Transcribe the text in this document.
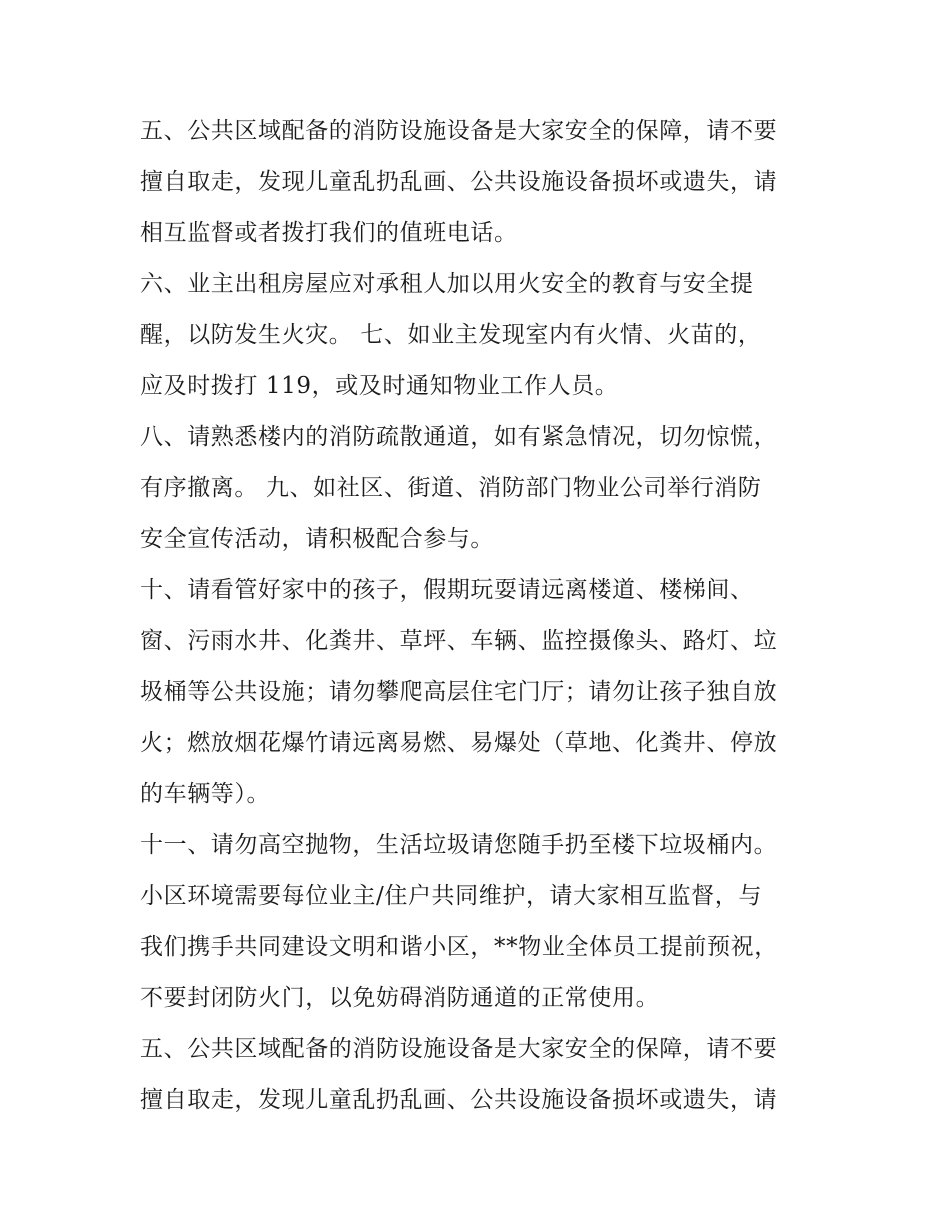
五、公共区域配备的消防设施设备是大家安全的保障，请不要
擅自取走，发现儿童乱扔乱画、公共设施设备损坏或遗失，请
相互监督或者拨打我们的值班电话。
六、业主出租房屋应对承租人加以用火安全的教育与安全提
醒，以防发生火灾。 七、如业主发现室内有火情、火苗的，
应及时拨打 119，或及时通知物业工作人员。
八、请熟悉楼内的消防疏散通道，如有紧急情况，切勿惊慌，
有序撤离。 九、如社区、街道、消防部门物业公司举行消防
安全宣传活动，请积极配合参与。
十、请看管好家中的孩子，假期玩耍请远离楼道、楼梯间、
窗、污雨水井、化粪井、草坪、车辆、监控摄像头、路灯、垃
圾桶等公共设施；请勿攀爬高层住宅门厅；请勿让孩子独自放
火；燃放烟花爆竹请远离易燃、易爆处（草地、化粪井、停放
的车辆等）。
十一、请勿高空抛物，生活垃圾请您随手扔至楼下垃圾桶内。
小区环境需要每位业主/住户共同维护，请大家相互监督，与
我们携手共同建设文明和谐小区，**物业全体员工提前预祝，
不要封闭防火门，以免妨碍消防通道的正常使用。
五、公共区域配备的消防设施设备是大家安全的保障，请不要
擅自取走，发现儿童乱扔乱画、公共设施设备损坏或遗失，请
